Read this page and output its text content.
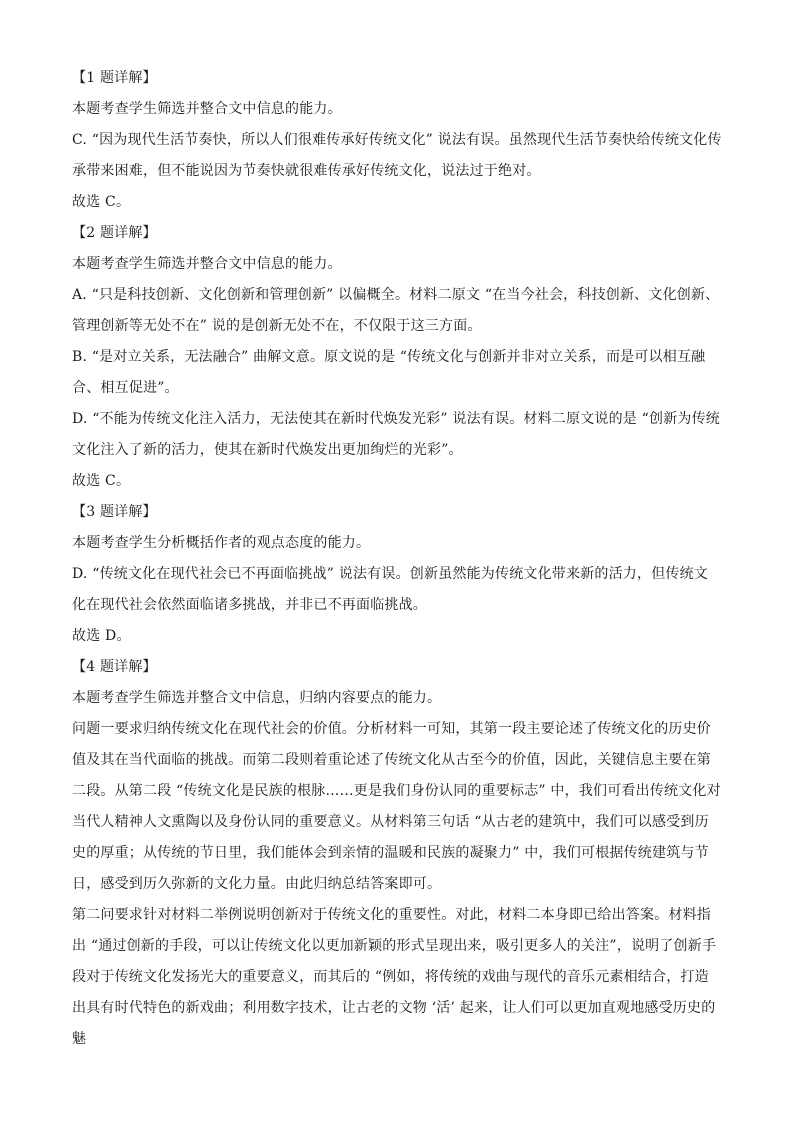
【1 题详解】

本题考查学生筛选并整合文中信息的能力。

C. “因为现代生活节奏快，所以人们很难传承好传统文化” 说法有误。虽然现代生活节奏快给传统文化传承带来困难，但不能说因为节奏快就很难传承好传统文化，说法过于绝对。

故选 C。

【2 题详解】

本题考查学生筛选并整合文中信息的能力。

A. “只是科技创新、文化创新和管理创新” 以偏概全。材料二原文 “在当今社会，科技创新、文化创新、管理创新等无处不在” 说的是创新无处不在，不仅限于这三方面。

B. “是对立关系，无法融合” 曲解文意。原文说的是 “传统文化与创新并非对立关系，而是可以相互融合、相互促进”。

D. “不能为传统文化注入活力，无法使其在新时代焕发光彩” 说法有误。材料二原文说的是 “创新为传统文化注入了新的活力，使其在新时代焕发出更加绚烂的光彩”。

故选 C。

【3 题详解】

本题考查学生分析概括作者的观点态度的能力。

D. “传统文化在现代社会已不再面临挑战” 说法有误。创新虽然能为传统文化带来新的活力，但传统文化在现代社会依然面临诸多挑战，并非已不再面临挑战。

故选 D。

【4 题详解】

本题考查学生筛选并整合文中信息，归纳内容要点的能力。

问题一要求归纳传统文化在现代社会的价值。分析材料一可知，其第一段主要论述了传统文化的历史价值及其在当代面临的挑战。而第二段则着重论述了传统文化从古至今的价值，因此，关键信息主要在第二段。从第二段 “传统文化是民族的根脉……更是我们身份认同的重要标志” 中，我们可看出传统文化对当代人精神人文熏陶以及身份认同的重要意义。从材料第三句话 “从古老的建筑中，我们可以感受到历史的厚重；从传统的节日里，我们能体会到亲情的温暖和民族的凝聚力” 中，我们可根据传统建筑与节日，感受到历久弥新的文化力量。由此归纳总结答案即可。

第二问要求针对材料二举例说明创新对于传统文化的重要性。对此，材料二本身即已给出答案。材料指出 “通过创新的手段，可以让传统文化以更加新颖的形式呈现出来，吸引更多人的关注”，说明了创新手段对于传统文化发扬光大的重要意义，而其后的 “例如，将传统的戏曲与现代的音乐元素相结合，打造出具有时代特色的新戏曲；利用数字技术，让古老的文物 ‘活’ 起来，让人们可以更加直观地感受历史的魅
